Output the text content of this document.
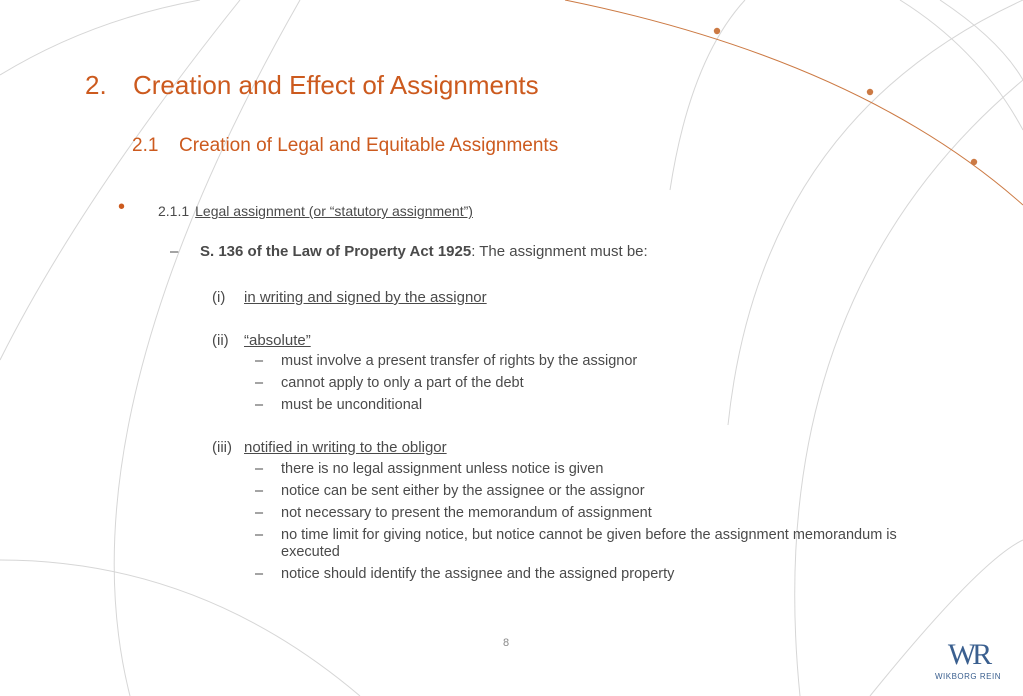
2. Creation and Effect of Assignments
2.1 Creation of Legal and Equitable Assignments
• 2.1.1 Legal assignment (or “statutory assignment”)
– S. 136 of the Law of Property Act 1925: The assignment must be:
(i) in writing and signed by the assignor
(ii) “absolute”
– must involve a present transfer of rights by the assignor
– cannot apply to only a part of the debt
– must be unconditional
(iii) notified in writing to the obligor
– there is no legal assignment unless notice is given
– notice can be sent either by the assignee or the assignor
– not necessary to present the memorandum of assignment
–	no time limit for giving notice, but notice cannot be given before the assignment memorandum is executed
– notice should identify the assignee and the assigned property
8	WR
WIKBORG REIN
